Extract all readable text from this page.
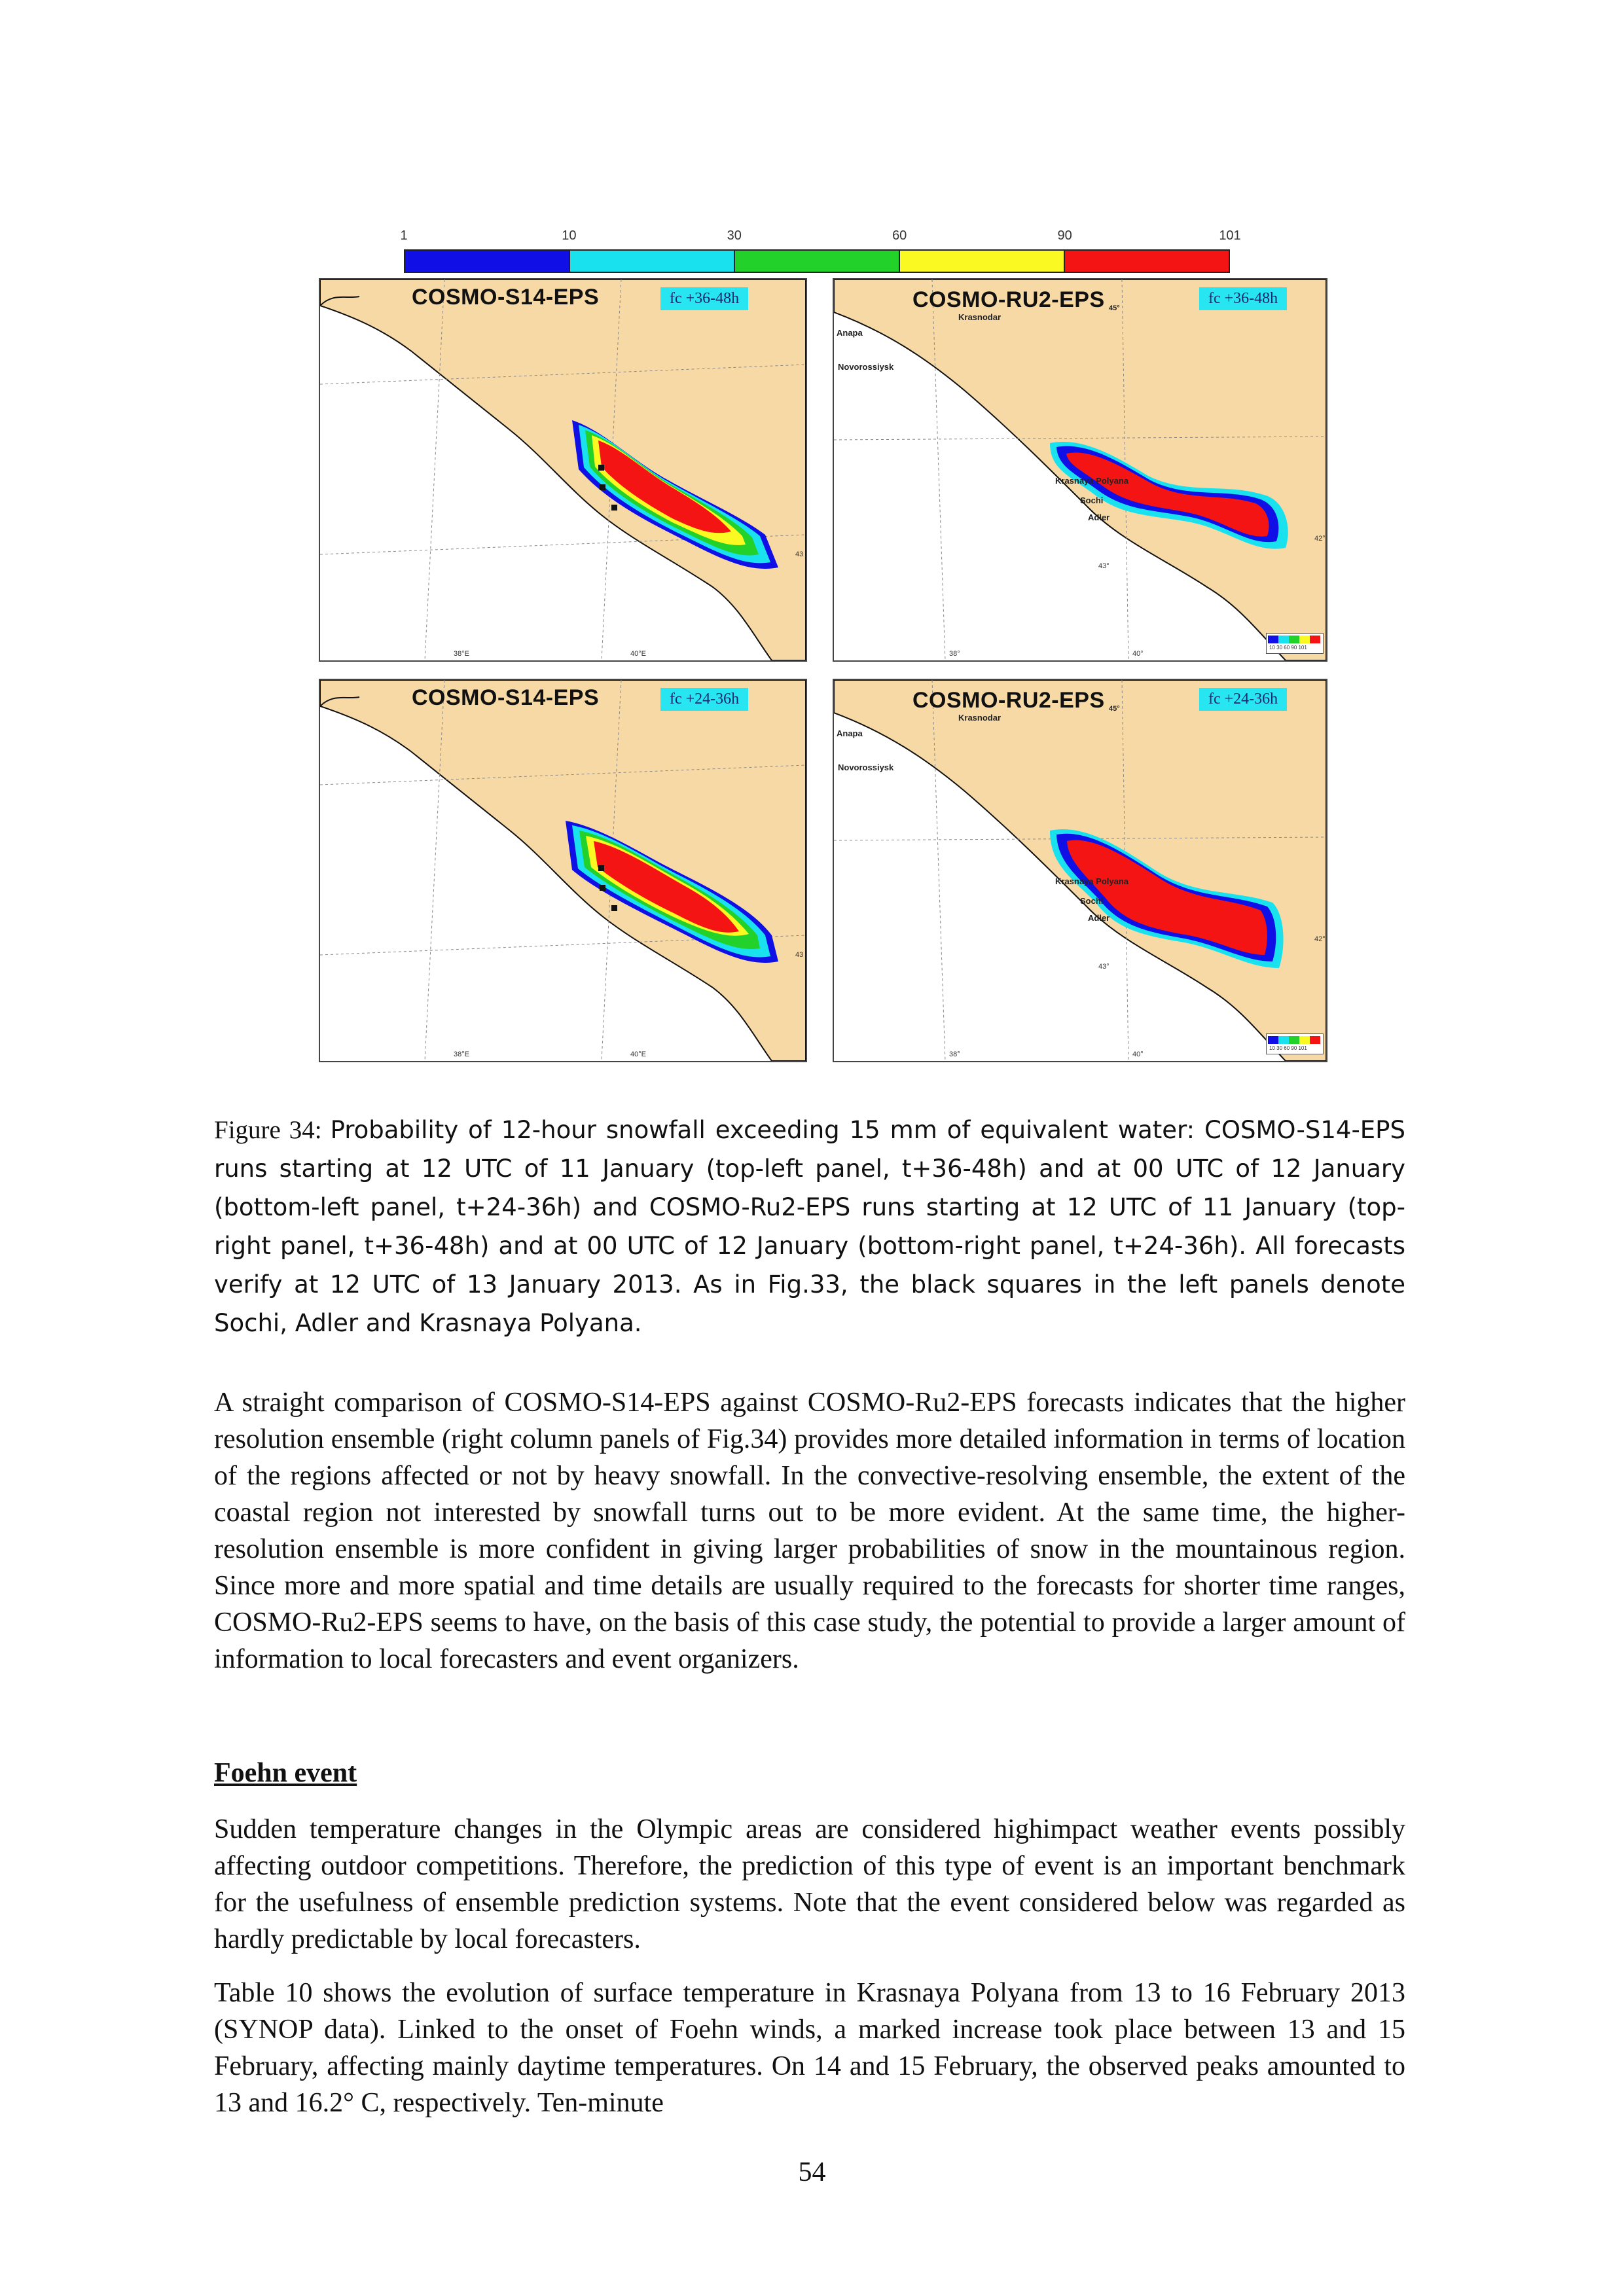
1	10	30	60	90	101
COSMO-S14-EPS	fc +36-48h
38°E	40°E
43
COSMO-RU2-EPS	fc +36-48h
45°
Krasnodar
Anapa
Novorossiysk
Krasnaya Polyana
Sochi
Adler
43°
42°
38°	40°
10 30 60 90 101
COSMO-S14-EPS	fc +24-36h
38°E	40°E
43
COSMO-RU2-EPS	fc +24-36h
45°
Krasnodar
Anapa
Novorossiysk
Krasnaya Polyana
Sochi
Adler
43°
42°
38°	40°
10 30 60 90 101
Figure 34: Probability of 12-hour snowfall exceeding 15 mm of equivalent water: COSMO-S14-EPS runs starting at 12 UTC of 11 January (top-left panel, t+36-48h) and at 00 UTC of 12 January (bottom-left panel, t+24-36h) and COSMO-Ru2-EPS runs starting at 12 UTC of 11 January (top-right panel, t+36-48h) and at 00 UTC of 12 January (bottom-right panel, t+24-36h). All forecasts verify at 12 UTC of 13 January 2013. As in Fig.33, the black squares in the left panels denote Sochi, Adler and Krasnaya Polyana.

A straight comparison of COSMO-S14-EPS against COSMO-Ru2-EPS forecasts indicates that the higher resolution ensemble (right column panels of Fig.34) provides more detailed information in terms of location of the regions affected or not by heavy snowfall. In the convective-resolving ensemble, the extent of the coastal region not interested by snowfall turns out to be more evident. At the same time, the higher-resolution ensemble is more confident in giving larger probabilities of snow in the mountainous region. Since more and more spatial and time details are usually required to the forecasts for shorter time ranges, COSMO-Ru2-EPS seems to have, on the basis of this case study, the potential to provide a larger amount of information to local forecasters and event organizers.

Foehn event

Sudden temperature changes in the Olympic areas are considered highimpact weather events possibly affecting outdoor competitions. Therefore, the prediction of this type of event is an important benchmark for the usefulness of ensemble prediction systems. Note that the event considered below was regarded as hardly predictable by local forecasters.

Table 10 shows the evolution of surface temperature in Krasnaya Polyana from 13 to 16 February 2013 (SYNOP data). Linked to the onset of Foehn winds, a marked increase took place between 13 and 15 February, affecting mainly daytime temperatures. On 14 and 15 February, the observed peaks amounted to 13 and 16.2° C, respectively. Ten-minute

54
